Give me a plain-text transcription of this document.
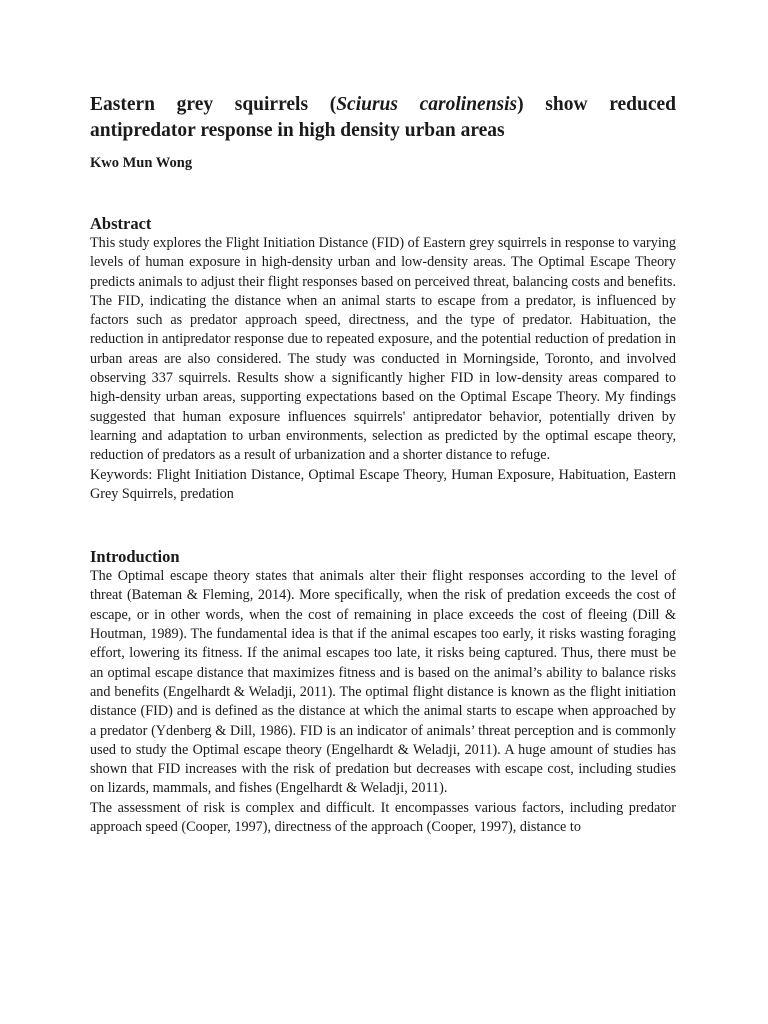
Eastern grey squirrels (Sciurus carolinensis) show reduced
antipredator response in high density urban areas
Kwo Mun Wong
Abstract

This study explores the Flight Initiation Distance (FID) of Eastern grey squirrels in response to varying levels of human exposure in high-density urban and low-density areas. The Optimal Escape Theory predicts animals to adjust their flight responses based on perceived threat, balancing costs and benefits. The FID, indicating the distance when an animal starts to escape from a predator, is influenced by factors such as predator approach speed, directness, and the type of predator. Habituation, the reduction in antipredator response due to repeated exposure, and the potential reduction of predation in urban areas are also considered. The study was conducted in Morningside, Toronto, and involved observing 337 squirrels. Results show a significantly higher FID in low-density areas compared to high-density urban areas, supporting expectations based on the Optimal Escape Theory. My findings suggested that human exposure influences squirrels' antipredator behavior, potentially driven by learning and adaptation to urban environments, selection as predicted by the optimal escape theory, reduction of predators as a result of urbanization and a shorter distance to refuge.

Keywords: Flight Initiation Distance, Optimal Escape Theory, Human Exposure, Habituation, Eastern Grey Squirrels, predation

Introduction

The Optimal escape theory states that animals alter their flight responses according to the level of threat (Bateman & Fleming, 2014). More specifically, when the risk of predation exceeds the cost of escape, or in other words, when the cost of remaining in place exceeds the cost of fleeing (Dill & Houtman, 1989). The fundamental idea is that if the animal escapes too early, it risks wasting foraging effort, lowering its fitness. If the animal escapes too late, it risks being captured. Thus, there must be an optimal escape distance that maximizes fitness and is based on the animal’s ability to balance risks and benefits (Engelhardt & Weladji, 2011). The optimal flight distance is known as the flight initiation distance (FID) and is defined as the distance at which the animal starts to escape when approached by a predator (Ydenberg & Dill, 1986). FID is an indicator of animals’ threat perception and is commonly used to study the Optimal escape theory (Engelhardt & Weladji, 2011). A huge amount of studies has shown that FID increases with the risk of predation but decreases with escape cost, including studies on lizards, mammals, and fishes (Engelhardt & Weladji, 2011).

The assessment of risk is complex and difficult. It encompasses various factors, including predator approach speed (Cooper, 1997), directness of the approach (Cooper, 1997), distance to
